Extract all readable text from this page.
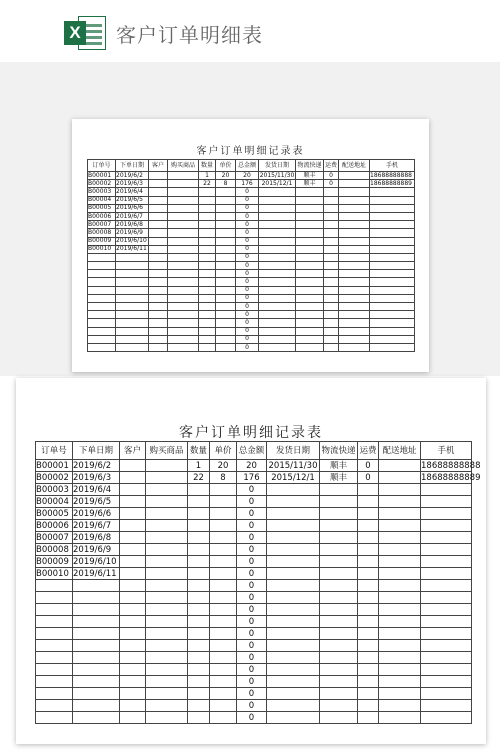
X 客户订单明细表
客户订单明细记录表
订单号	下单日期	客户	购买商品	数量	单价	总金额	发货日期	物流快递	运费	配送地址	手机
B00001	2019/6/2			1	20	20	2015/11/30	顺丰	0		18688888888
B00002	2019/6/3			22	8	176	2015/12/1	顺丰	0		18688888889
B00003	2019/6/4					0					
B00004	2019/6/5					0					
B00005	2019/6/6					0					
B00006	2019/6/7					0					
B00007	2019/6/8					0					
B00008	2019/6/9					0					
B00009	2019/6/10					0					
B00010	2019/6/11					0					
						0					
						0					
						0					
						0					
						0					
						0					
						0					
						0					
						0					
						0					
						0					
						0					
客户订单明细记录表
订单号	下单日期	客户	购买商品	数量	单价	总金额	发货日期	物流快递	运费	配送地址	手机
B00001	2019/6/2			1	20	20	2015/11/30	顺丰	0		18688888888
B00002	2019/6/3			22	8	176	2015/12/1	顺丰	0		18688888889
B00003	2019/6/4					0					
B00004	2019/6/5					0					
B00005	2019/6/6					0					
B00006	2019/6/7					0					
B00007	2019/6/8					0					
B00008	2019/6/9					0					
B00009	2019/6/10					0					
B00010	2019/6/11					0					
						0					
						0					
						0					
						0					
						0					
						0					
						0					
						0					
						0					
						0					
						0					
						0					
